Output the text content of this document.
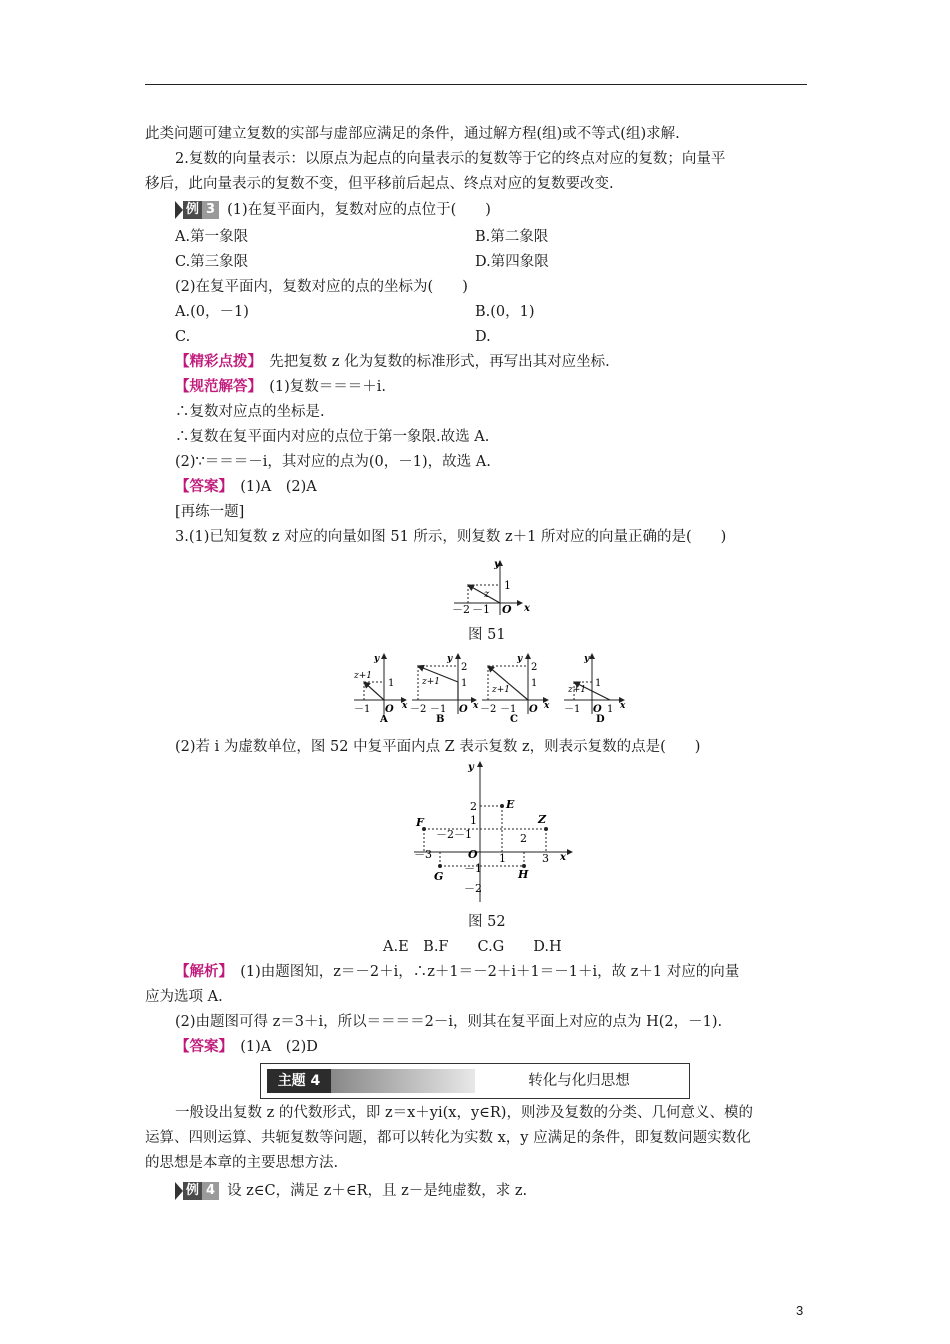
此类问题可建立复数的实部与虚部应满足的条件，通过解方程(组)或不等式(组)求解.
2.复数的向量表示：以原点为起点的向量表示的复数等于它的终点对应的复数；向量平
移后，此向量表示的复数不变，但平移前后起点、终点对应的复数要改变.
例 3 (1)在复平面内，复数对应的点位于(　　)
A.第一象限	B.第二象限
C.第三象限	D.第四象限
(2)在复平面内，复数对应的点的坐标为(　　)
A.(0，－1)	B.(0，1)
C.	D.
【精彩点拨】　先把复数 z 化为复数的标准形式，再写出其对应坐标.
【规范解答】　(1)复数＝＝＝＋i.
∴复数对应点的坐标是.
∴复数在复平面内对应的点位于第一象限.故选 A.
(2)∵＝＝＝－i，其对应的点为(0，－1)，故选 A.
【答案】　(1)A　(2)A
[再练一题]
3.(1)已知复数 z 对应的向量如图 51 所示，则复数 z＋1 所对应的向量正确的是(　　)
y
x
1
z
O
－2 －1
图 51
y
x
z+1
1
－1 O
A
y
x
z+1
2
1
－2 －1 O
B
y
x
z+1
2
1
－2 －1 O
C
y
x
z+1
1
－1 O 1
D
(2)若 i 为虚数单位，图 52 中复平面内点 Z 表示复数 z，则表示复数的点是(　　)
y
x
E
F	Z
G	H
2
1
－1
－2
－3
－2 －1
O 1
2
3
图 52
A.E　B.F　　C.G　　D.H
【解析】　(1)由题图知，z＝－2＋i，∴z＋1＝－2＋i＋1＝－1＋i，故 z＋1 对应的向量
应为选项 A.
(2)由题图可得 z＝3＋i，所以＝＝＝＝2－i，则其在复平面上对应的点为 H(2，－1).
【答案】　(1)A　(2)D
主题 4	转化与化归思想
一般设出复数 z 的代数形式，即 z＝x＋yi(x，y∈R)，则涉及复数的分类、几何意义、模的
运算、四则运算、共轭复数等问题，都可以转化为实数 x，y 应满足的条件，即复数问题实数化
的思想是本章的主要思想方法.
例 4 设 z∈C，满足 z＋∈R，且 z－是纯虚数，求 z.
3
